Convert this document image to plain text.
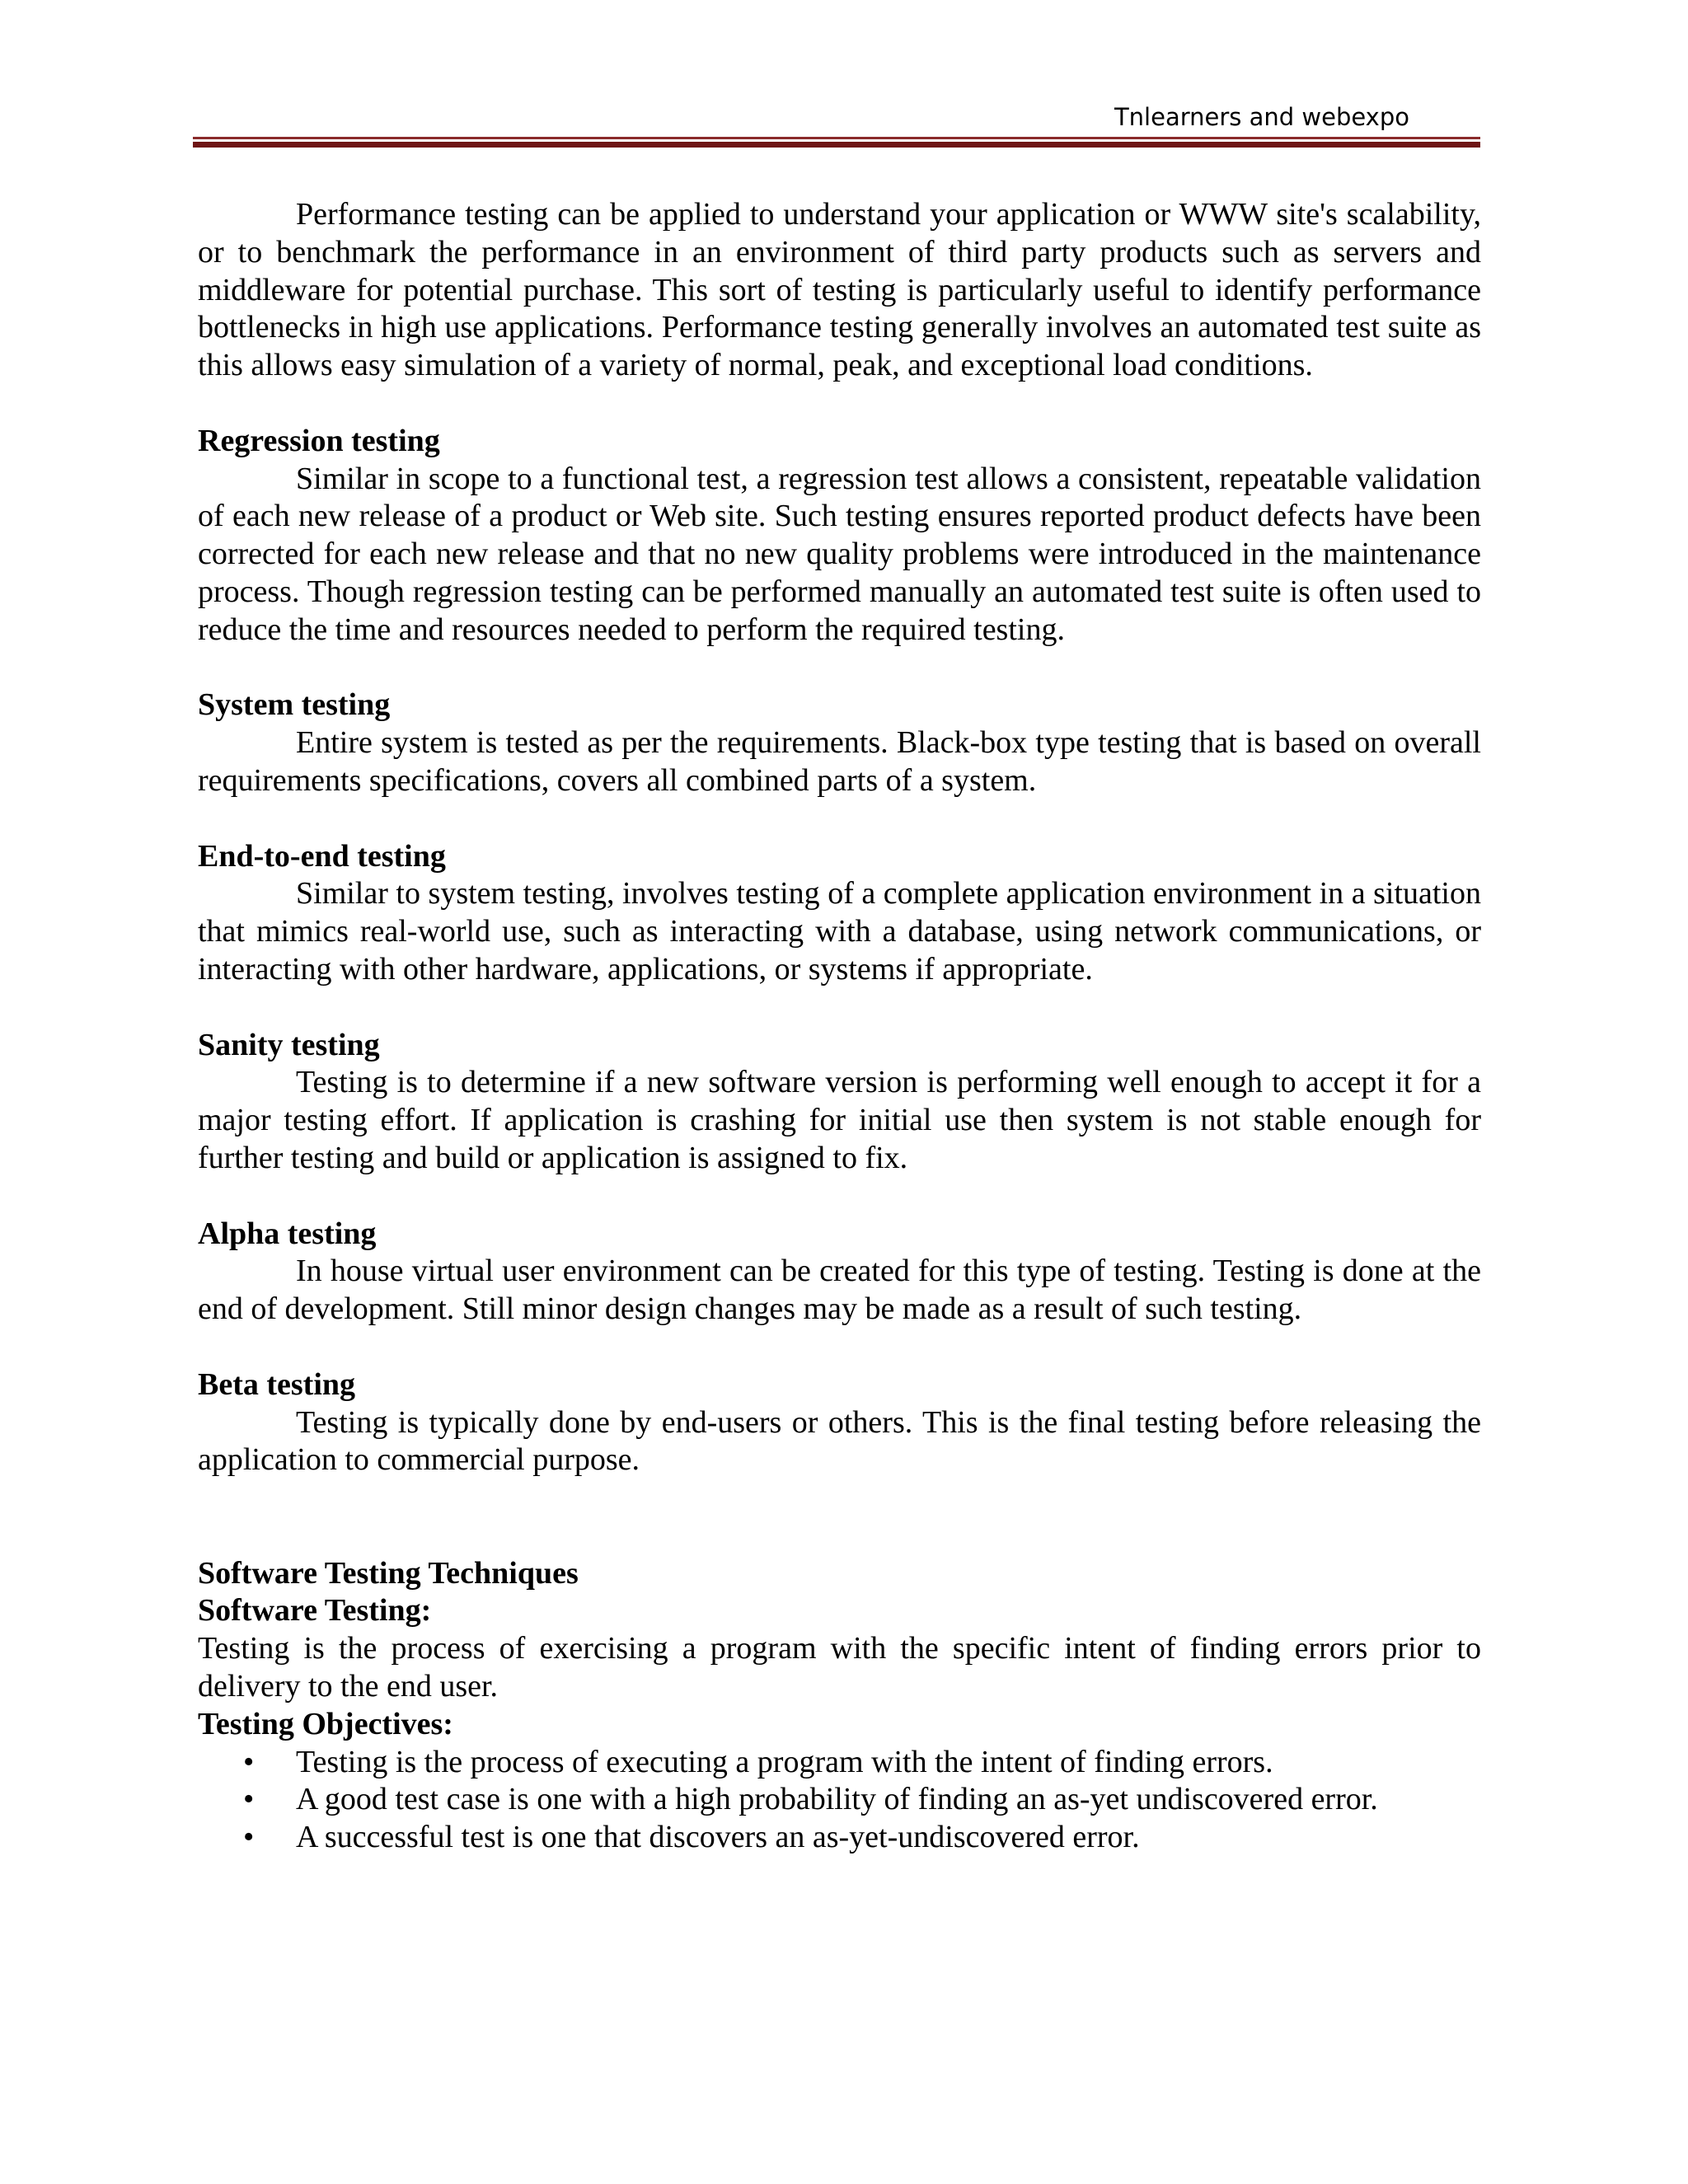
Tnlearners and webexpo

Performance testing can be applied to understand your application or WWW site's scalability, or to benchmark the performance in an environment of third party products such as servers and middleware for potential purchase. This sort of testing is particularly useful to identify performance bottlenecks in high use applications. Performance testing generally involves an automated test suite as this allows easy simulation of a variety of normal, peak, and exceptional load conditions.

Regression testing

Similar in scope to a functional test, a regression test allows a consistent, repeatable validation of each new release of a product or Web site. Such testing ensures reported product defects have been corrected for each new release and that no new quality problems were introduced in the maintenance process. Though regression testing can be performed manually an automated test suite is often used to reduce the time and resources needed to perform the required testing.

System testing

Entire system is tested as per the requirements. Black-box type testing that is based on overall requirements specifications, covers all combined parts of a system.

End-to-end testing

Similar to system testing, involves testing of a complete application environment in a situation that mimics real-world use, such as interacting with a database, using network communications, or interacting with other hardware, applications, or systems if appropriate.

Sanity testing

Testing is to determine if a new software version is performing well enough to accept it for a major testing effort. If application is crashing for initial use then system is not stable enough for further testing and build or application is assigned to fix.

Alpha testing

In house virtual user environment can be created for this type of testing. Testing is done at the end of development. Still minor design changes may be made as a result of such testing.

Beta testing

Testing is typically done by end-users or others. This is the final testing before releasing the application to commercial purpose.

Software Testing Techniques

Software Testing:

Testing is the process of exercising a program with the specific intent of finding errors prior to delivery to the end user.

Testing Objectives:

• Testing is the process of executing a program with the intent of finding errors.
• A good test case is one with a high probability of finding an as-yet undiscovered error.
• A successful test is one that discovers an as-yet-undiscovered error.
